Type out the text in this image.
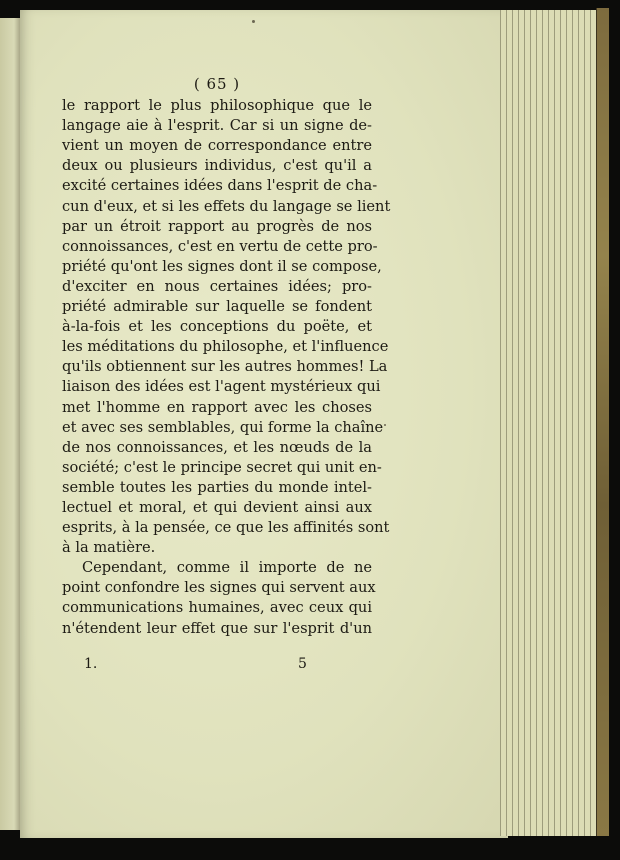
( 65 )
le rapport le plus philosophique que le
langage aie à l'esprit. Car si un signe de-
vient un moyen de correspondance entre
deux ou plusieurs individus, c'est qu'il a
excité certaines idées dans l'esprit de cha-
cun d'eux, et si les effets du langage se lient
par un étroit rapport au progrès de nos
connoissances, c'est en vertu de cette pro-
priété qu'ont les signes dont il se compose,
d'exciter en nous certaines idées; pro-
priété admirable sur laquelle se fondent
à-la-fois et les conceptions du poëte, et
les méditations du philosophe, et l'influence
qu'ils obtiennent sur les autres hommes! La
liaison des idées est l'agent mystérieux qui
met l'homme en rapport avec les choses
et avec ses semblables, qui forme la chaîne
de nos connoissances, et les nœuds de la
société; c'est le principe secret qui unit en-
semble toutes les parties du monde intel-
lectuel et moral, et qui devient ainsi aux
esprits, à la pensée, ce que les affinités sont
à la matière.
Cependant, comme il importe de ne
point confondre les signes qui servent aux
communications humaines, avec ceux qui
n'étendent leur effet que sur l'esprit d'un
1.	5
